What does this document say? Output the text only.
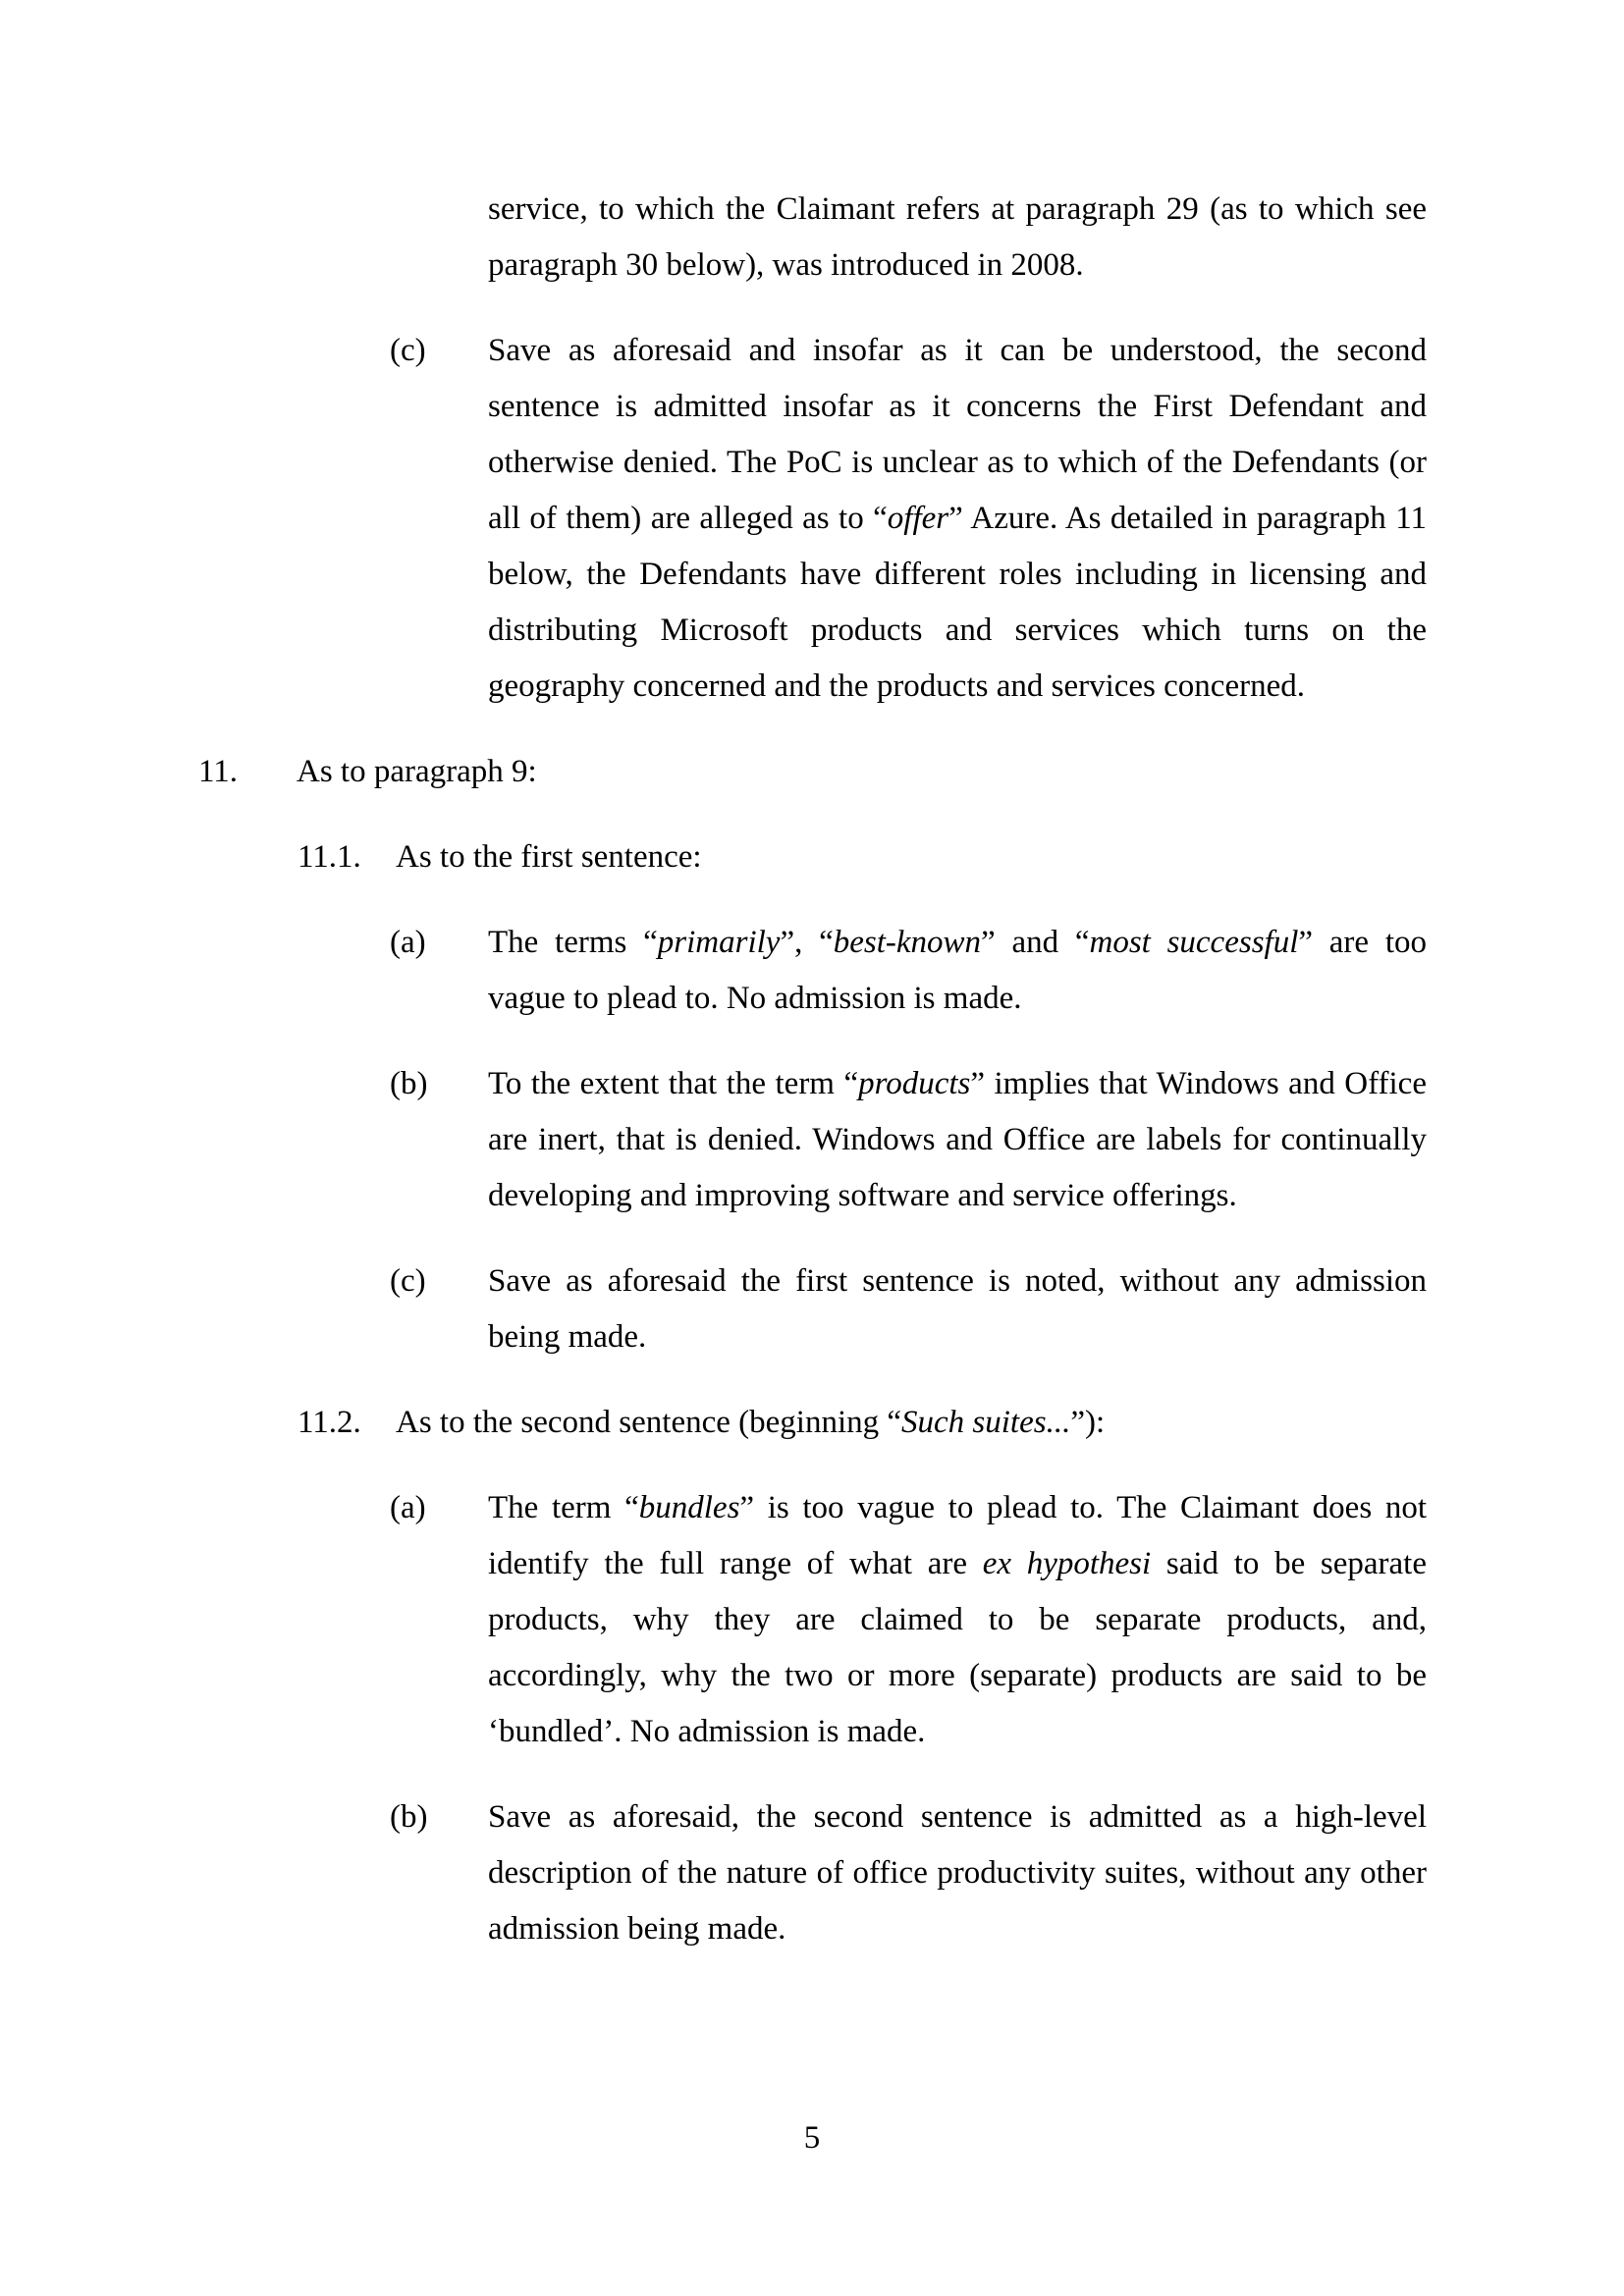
service, to which the Claimant refers at paragraph 29 (as to which see paragraph 30 below), was introduced in 2008.
(c) Save as aforesaid and insofar as it can be understood, the second sentence is admitted insofar as it concerns the First Defendant and otherwise denied. The PoC is unclear as to which of the Defendants (or all of them) are alleged as to “offer” Azure. As detailed in paragraph 11 below, the Defendants have different roles including in licensing and distributing Microsoft products and services which turns on the geography concerned and the products and services concerned.
11. As to paragraph 9:
11.1. As to the first sentence:
(a) The terms “primarily”, “best-known” and “most successful” are too vague to plead to. No admission is made.
(b) To the extent that the term “products” implies that Windows and Office are inert, that is denied. Windows and Office are labels for continually developing and improving software and service offerings.
(c) Save as aforesaid the first sentence is noted, without any admission being made.
11.2. As to the second sentence (beginning “Such suites...”):
(a) The term “bundles” is too vague to plead to. The Claimant does not identify the full range of what are ex hypothesi said to be separate products, why they are claimed to be separate products, and, accordingly, why the two or more (separate) products are said to be ‘bundled’. No admission is made.
(b) Save as aforesaid, the second sentence is admitted as a high-level description of the nature of office productivity suites, without any other admission being made.
5
